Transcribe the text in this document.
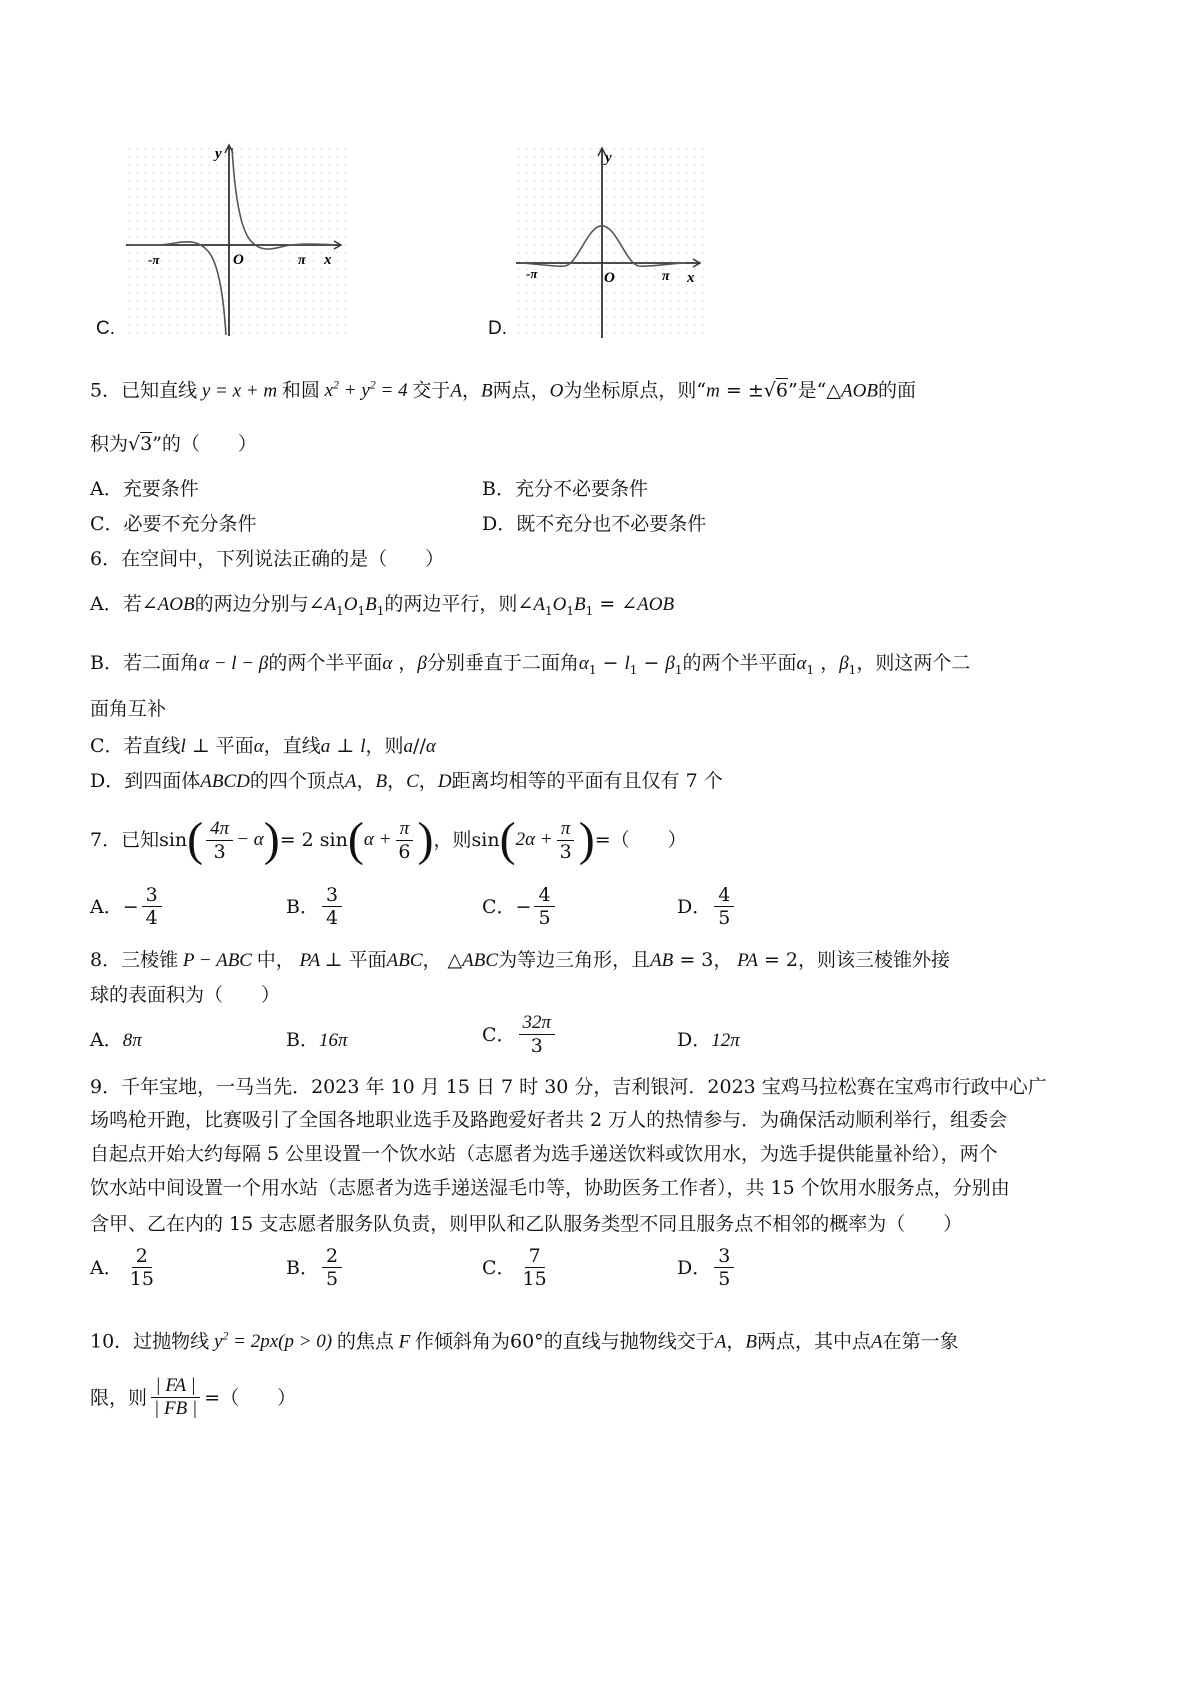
C.
y
x
O
-π	π
D.
y
x
O
-π	π
5．已知直线 y = x + m 和圆 $x^2 + y^2 = 4$ 交于A，B两点，O为坐标原点，则“m = ±√6”是“△AOB的面
积为√3”的（　　）
A．充要条件	B．充分不必要条件
C．必要不充分条件	D．既不充分也不必要条件
6．在空间中，下列说法正确的是（　　）
A．若∠AOB的两边分别与$\angle A_1O_1B_1$的两边平行，则$\angle A_1O_1B_1$ = ∠AOB
B．若二面角α − l − β的两个半平面α ，β分别垂直于二面角$\alpha_1 - l_1 - \beta_1$的两个半平面$\alpha_1$ ，$\beta_1$，则这两个二
面角互补
C．若直线l ⊥ 平面α，直线a ⊥ l，则a//α
D．到四面体ABCD的四个顶点A，B，C，D距离均相等的平面有且仅有 7 个
7．已知 sin ( $\frac{4\pi}{3} - \alpha$ ) = 2 sin ( $\alpha + \frac{\pi}{6}$ ) ，则 sin ( $2\alpha + \frac{\pi}{3}$ ) = （　　）
A． − $\frac{3}{4}$	B． $\frac{3}{4}$	C． − $\frac{4}{5}$	D． $\frac{4}{5}$
8．三棱锥 P − ABC 中， PA ⊥ 平面ABC， △ABC为等边三角形，且AB = 3， PA = 2，则该三棱锥外接
球的表面积为（　　）
A．8π	B．16π	C． $\frac{32\pi}{3}$	D．12π
9．千年宝地，一马当先．2023 年 10 月 15 日 7 时 30 分，吉利银河．2023 宝鸡马拉松赛在宝鸡市行政中心广
场鸣枪开跑，比赛吸引了全国各地职业选手及路跑爱好者共 2 万人的热情参与．为确保活动顺利举行，组委会
自起点开始大约每隔 5 公里设置一个饮水站（志愿者为选手递送饮料或饮用水，为选手提供能量补给），两个
饮水站中间设置一个用水站（志愿者为选手递送湿毛巾等，协助医务工作者），共 15 个饮用水服务点，分别由
含甲、乙在内的 15 支志愿者服务队负责，则甲队和乙队服务类型不同且服务点不相邻的概率为（　　）
A． $\frac{2}{15}$	B． $\frac{2}{5}$	C． $\frac{7}{15}$	D． $\frac{3}{5}$
10．过抛物线 $y^2 = 2px(p > 0)$ 的焦点 F 作倾斜角为60°的直线与抛物线交于A，B两点，其中点A在第一象
限，则 $\frac{| FA |}{| FB |}$ = （　　）
